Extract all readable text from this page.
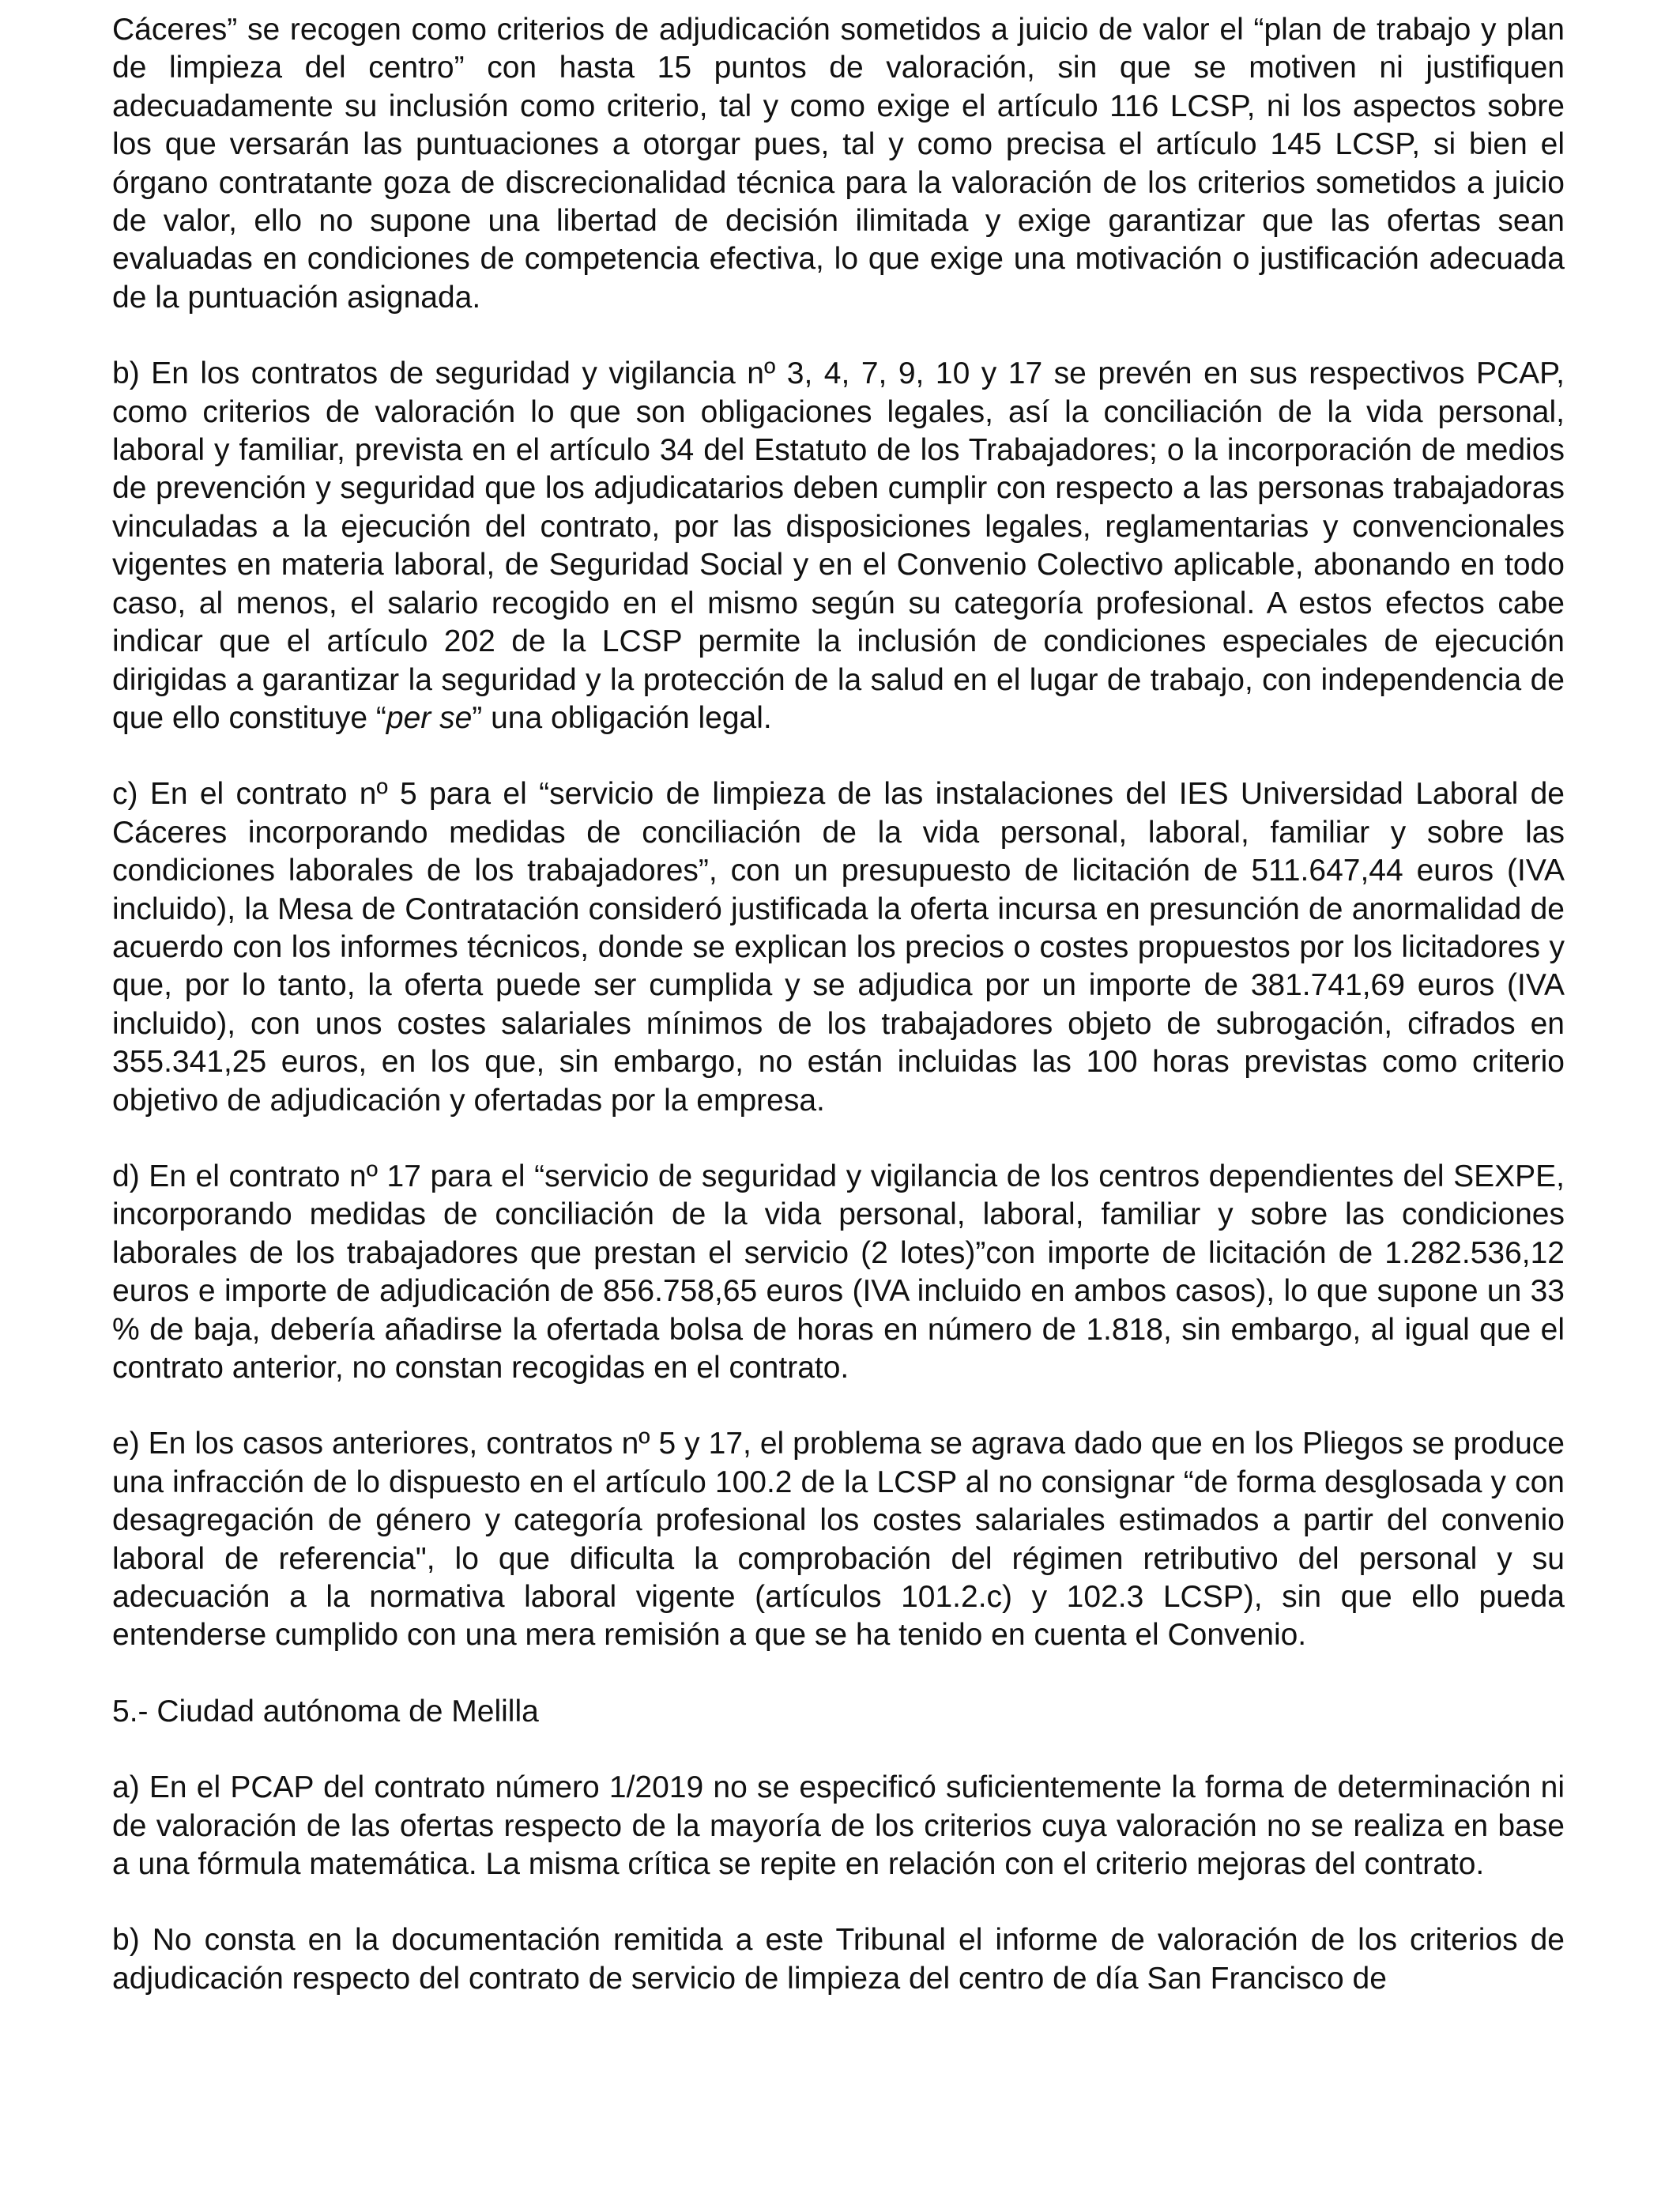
Cáceres” se recogen como criterios de adjudicación sometidos a juicio de valor el “plan de trabajo y plan de limpieza del centro” con hasta 15 puntos de valoración, sin que se motiven ni justifiquen adecuadamente su inclusión como criterio, tal y como exige el artículo 116 LCSP, ni los aspectos sobre los que versarán las puntuaciones a otorgar pues, tal y como precisa el artículo 145 LCSP, si bien el órgano contratante goza de discrecionalidad técnica para la valoración de los criterios sometidos a juicio de valor, ello no supone una libertad de decisión ilimitada y exige garantizar que las ofertas sean evaluadas en condiciones de competencia efectiva, lo que exige una motivación o justificación adecuada de la puntuación asignada.

b) En los contratos de seguridad y vigilancia nº 3, 4, 7, 9, 10 y 17 se prevén en sus respectivos PCAP, como criterios de valoración lo que son obligaciones legales, así la conciliación de la vida personal, laboral y familiar, prevista en el artículo 34 del Estatuto de los Trabajadores; o la incorporación de medios de prevención y seguridad que los adjudicatarios deben cumplir con respecto a las personas trabajadoras vinculadas a la ejecución del contrato, por las disposiciones legales, reglamentarias y convencionales vigentes en materia laboral, de Seguridad Social y en el Convenio Colectivo aplicable, abonando en todo caso, al menos, el salario recogido en el mismo según su categoría profesional. A estos efectos cabe indicar que el artículo 202 de la LCSP permite la inclusión de condiciones especiales de ejecución dirigidas a garantizar la seguridad y la protección de la salud en el lugar de trabajo, con independencia de que ello constituye “per se” una obligación legal.

c) En el contrato nº 5 para el “servicio de limpieza de las instalaciones del IES Universidad Laboral de Cáceres incorporando medidas de conciliación de la vida personal, laboral, familiar y sobre las condiciones laborales de los trabajadores”, con un presupuesto de licitación de 511.647,44 euros (IVA incluido), la Mesa de Contratación consideró justificada la oferta incursa en presunción de anormalidad de acuerdo con los informes técnicos, donde se explican los precios o costes propuestos por los licitadores y que, por lo tanto, la oferta puede ser cumplida y se adjudica por un importe de 381.741,69 euros (IVA incluido), con unos costes salariales mínimos de los trabajadores objeto de subrogación, cifrados en 355.341,25 euros, en los que, sin embargo, no están incluidas las 100 horas previstas como criterio objetivo de adjudicación y ofertadas por la empresa.

d) En el contrato nº 17 para el “servicio de seguridad y vigilancia de los centros dependientes del SEXPE, incorporando medidas de conciliación de la vida personal, laboral, familiar y sobre las condiciones laborales de los trabajadores que prestan el servicio (2 lotes)”con importe de licitación de 1.282.536,12 euros e importe de adjudicación de 856.758,65 euros (IVA incluido en ambos casos), lo que supone un 33 % de baja, debería añadirse la ofertada bolsa de horas en número de 1.818, sin embargo, al igual que el contrato anterior, no constan recogidas en el contrato.

e) En los casos anteriores, contratos nº 5 y 17, el problema se agrava dado que en los Pliegos se produce una infracción de lo dispuesto en el artículo 100.2 de la LCSP al no consignar “de forma desglosada y con desagregación de género y categoría profesional los costes salariales estimados a partir del convenio laboral de referencia", lo que dificulta la comprobación del régimen retributivo del personal y su adecuación a la normativa laboral vigente (artículos 101.2.c) y 102.3 LCSP), sin que ello pueda entenderse cumplido con una mera remisión a que se ha tenido en cuenta el Convenio.

5.- Ciudad autónoma de Melilla

a) En el PCAP del contrato número 1/2019 no se especificó suficientemente la forma de determinación ni de valoración de las ofertas respecto de la mayoría de los criterios cuya valoración no se realiza en base a una fórmula matemática. La misma crítica se repite en relación con el criterio mejoras del contrato.

b) No consta en la documentación remitida a este Tribunal el informe de valoración de los criterios de adjudicación respecto del contrato de servicio de limpieza del centro de día San Francisco de
